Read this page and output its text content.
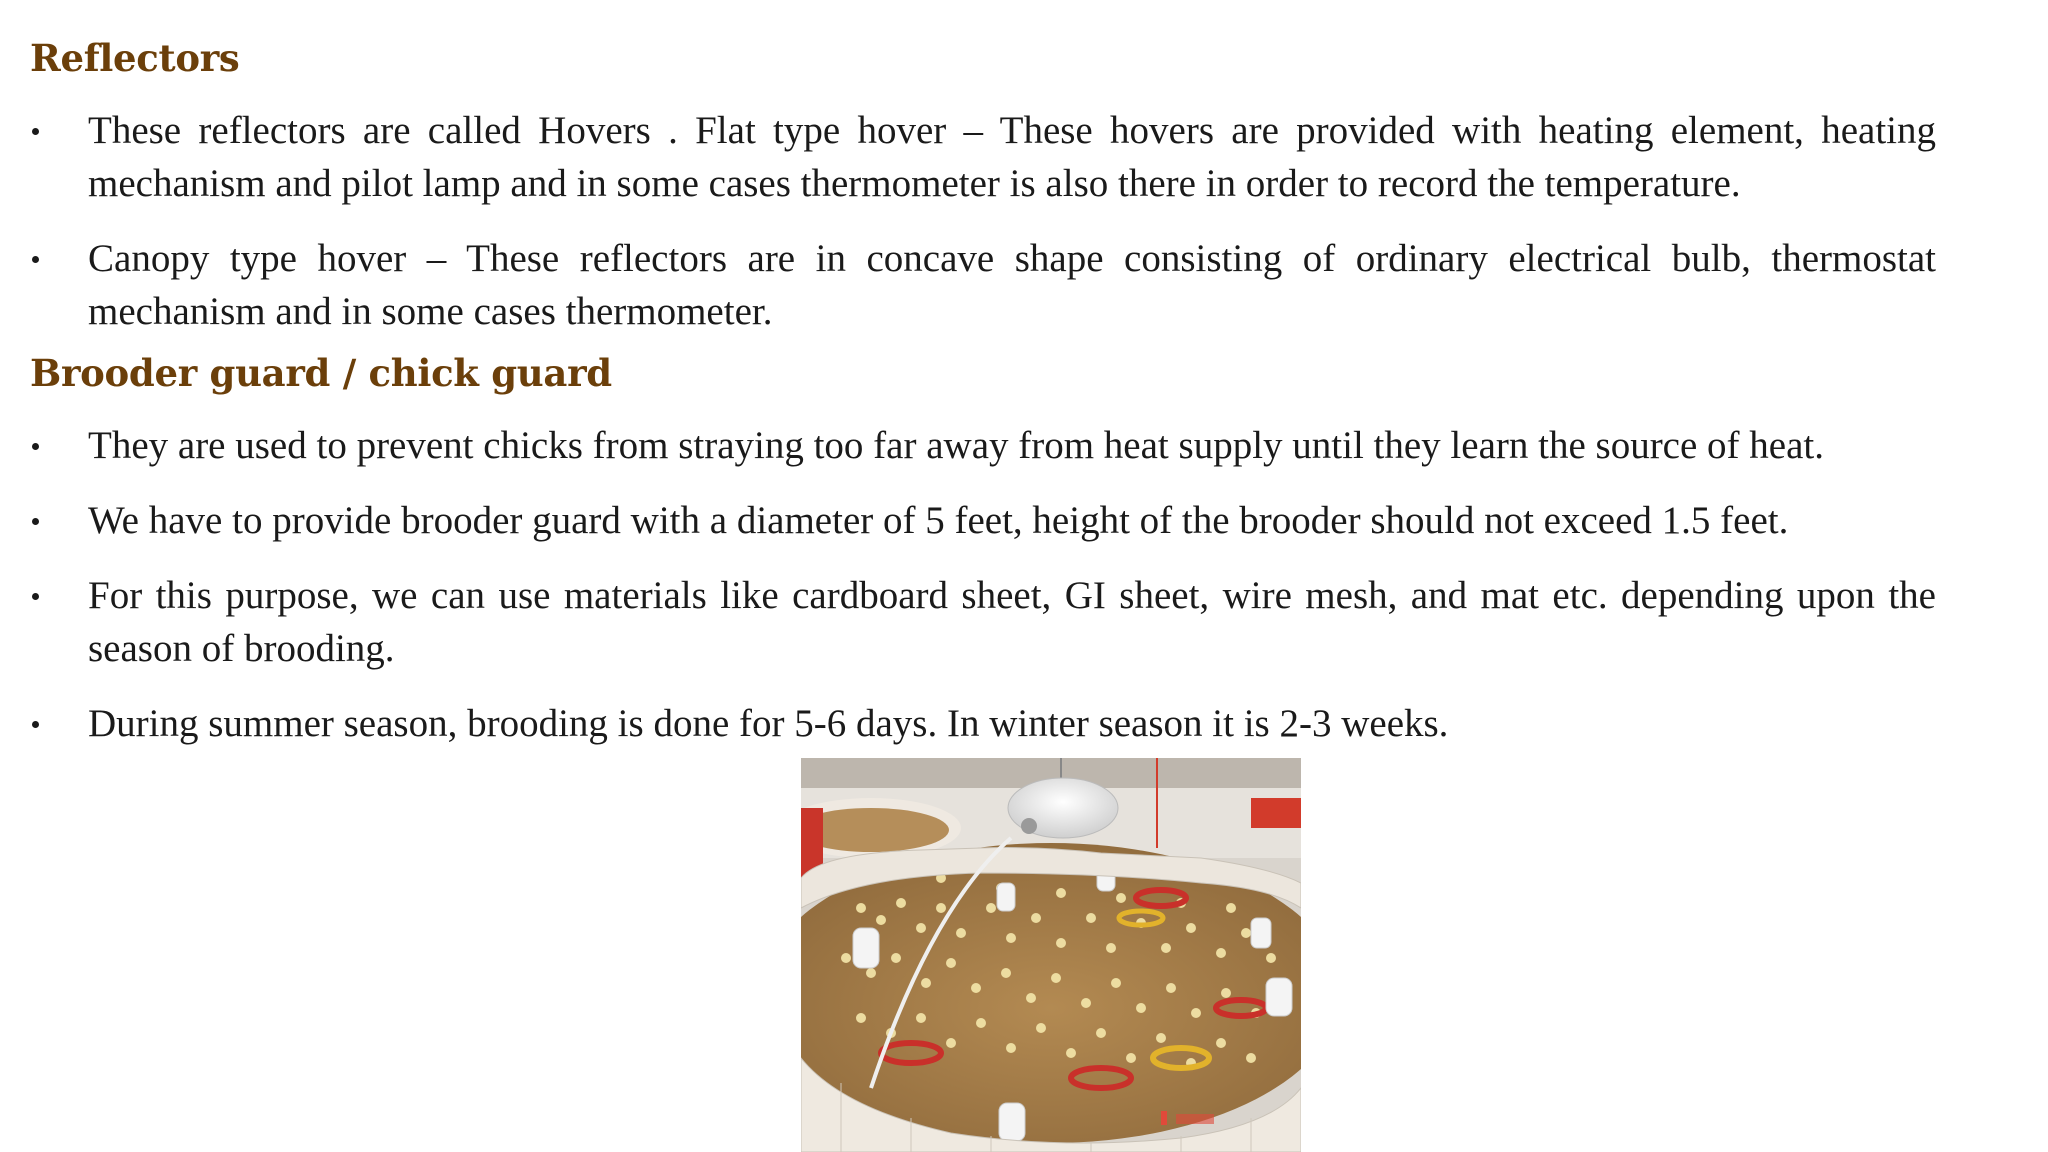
Reflectors
These reflectors are called Hovers . Flat type hover – These hovers are provided with heating element, heating mechanism and pilot lamp and in some cases thermometer is also there in order to record the temperature.
Canopy type hover – These reflectors are in concave shape consisting of ordinary electrical bulb, thermostat mechanism and in some cases thermometer.
Brooder guard / chick guard
They are used to prevent chicks from straying too far away from heat supply until they learn the source of heat.
We have to provide brooder guard with a diameter of 5 feet, height of the brooder should not exceed 1.5 feet.
For this purpose, we can use materials like cardboard sheet, GI sheet, wire mesh, and mat etc. depending upon the season of brooding.
During summer season, brooding is done for 5-6 days. In winter season it is 2-3 weeks.
